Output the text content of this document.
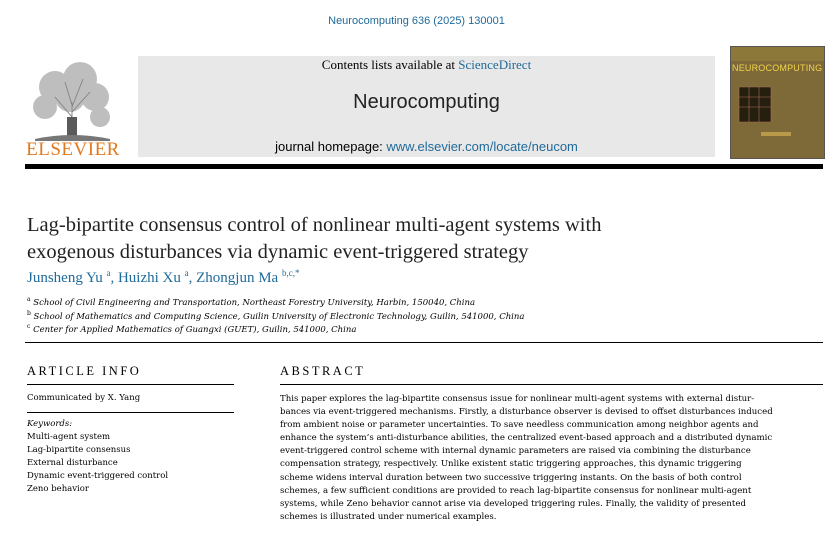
Neurocomputing 636 (2025) 130001
ELSEVIER
Contents lists available at ScienceDirect
Neurocomputing
journal homepage: www.elsevier.com/locate/neucom
NEUROCOMPUTING
Lag-bipartite consensus control of nonlinear multi-agent systems with
exogenous disturbances via dynamic event-triggered strategy
Junsheng Yu $^a$, Huizhi Xu $^a$, Zhongjun Ma $^{b,c,*}$
$^a$ School of Civil Engineering and Transportation, Northeast Forestry University, Harbin, 150040, China
$^b$ School of Mathematics and Computing Science, Guilin University of Electronic Technology, Guilin, 541000, China
$^c$ Center for Applied Mathematics of Guangxi (GUET), Guilin, 541000, China
ARTICLE INFO
Communicated by X. Yang
Keywords:
Multi-agent system
Lag-bipartite consensus
External disturbance
Dynamic event-triggered control
Zeno behavior
ABSTRACT
This paper explores the lag-bipartite consensus issue for nonlinear multi-agent systems with external distur-
bances via event-triggered mechanisms. Firstly, a disturbance observer is devised to offset disturbances induced
from ambient noise or parameter uncertainties. To save needless communication among neighbor agents and
enhance the system’s anti-disturbance abilities, the centralized event-based approach and a distributed dynamic
event-triggered control scheme with internal dynamic parameters are raised via combining the disturbance
compensation strategy, respectively. Unlike existent static triggering approaches, this dynamic triggering
scheme widens interval duration between two successive triggering instants. On the basis of both control
schemes, a few sufficient conditions are provided to reach lag-bipartite consensus for nonlinear multi-agent
systems, while Zeno behavior cannot arise via developed triggering rules. Finally, the validity of presented
schemes is illustrated under numerical examples.
